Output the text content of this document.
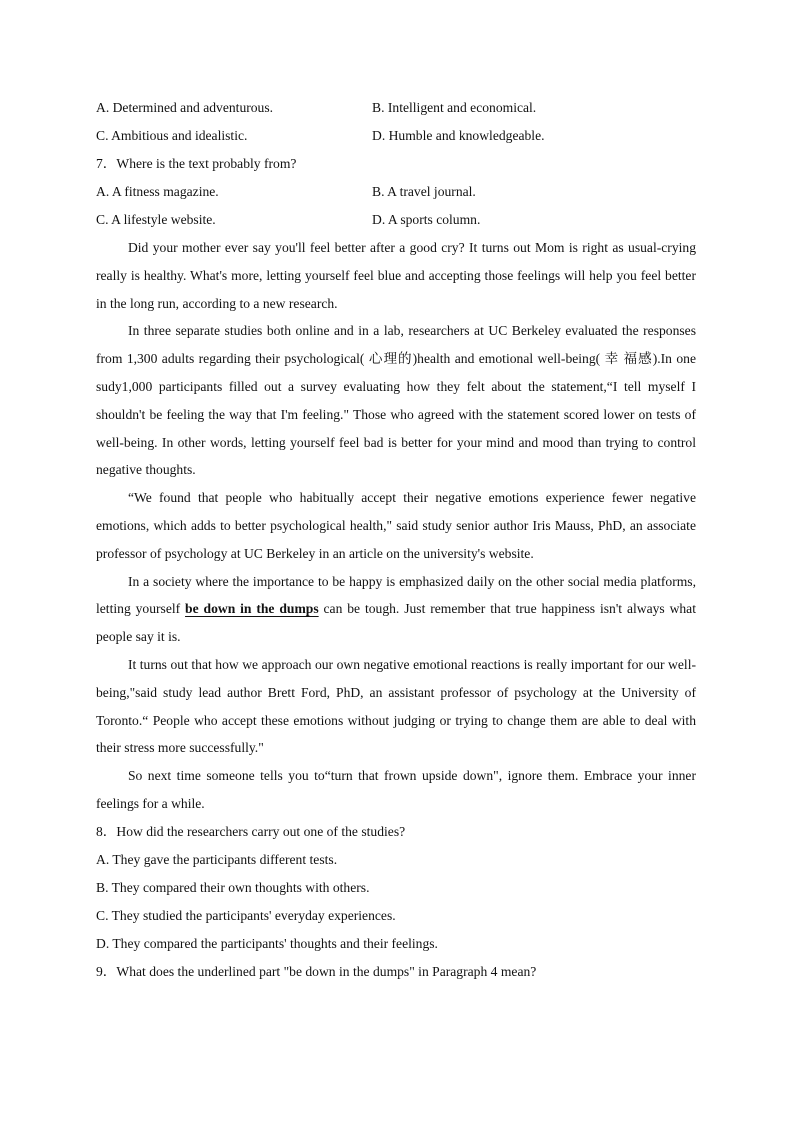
A. Determined and adventurous.	B. Intelligent and economical.
C. Ambitious and idealistic.	D. Humble and knowledgeable.
7．Where is the text probably from?
A. A fitness magazine.	B. A travel journal.
C. A lifestyle website.	D. A sports column.

Did your mother ever say you'll feel better after a good cry? It turns out Mom is right as usual-crying really is healthy. What's more, letting yourself feel blue and accepting those feelings will help you feel better in the long run, according to a new research.

In three separate studies both online and in a lab, researchers at UC Berkeley evaluated the responses from 1,300 adults regarding their psychological( 心理的)health and emotional well-being( 幸 福感).In one sudy1,000 participants filled out a survey evaluating how they felt about the statement,“I tell myself I shouldn't be feeling the way that I'm feeling." Those who agreed with the statement scored lower on tests of well-being. In other words, letting yourself feel bad is better for your mind and mood than trying to control negative thoughts.

“We found that people who habitually accept their negative emotions experience fewer negative emotions, which adds to better psychological health," said study senior author Iris Mauss, PhD, an associate professor of psychology at UC Berkeley in an article on the university's website.

In a society where the importance to be happy is emphasized daily on the other social media platforms, letting yourself be down in the dumps can be tough. Just remember that true happiness isn't always what people say it is.

It turns out that how we approach our own negative emotional reactions is really important for our well-being,"said study lead author Brett Ford, PhD, an assistant professor of psychology at the University of Toronto.“ People who accept these emotions without judging or trying to change them are able to deal with their stress more successfully."

So next time someone tells you to“turn that frown upside down", ignore them. Embrace your inner feelings for a while.

8．How did the researchers carry out one of the studies?
A. They gave the participants different tests.
B. They compared their own thoughts with others.
C. They studied the participants' everyday experiences.
D. They compared the participants' thoughts and their feelings.
9．What does the underlined part "be down in the dumps" in Paragraph 4 mean?
